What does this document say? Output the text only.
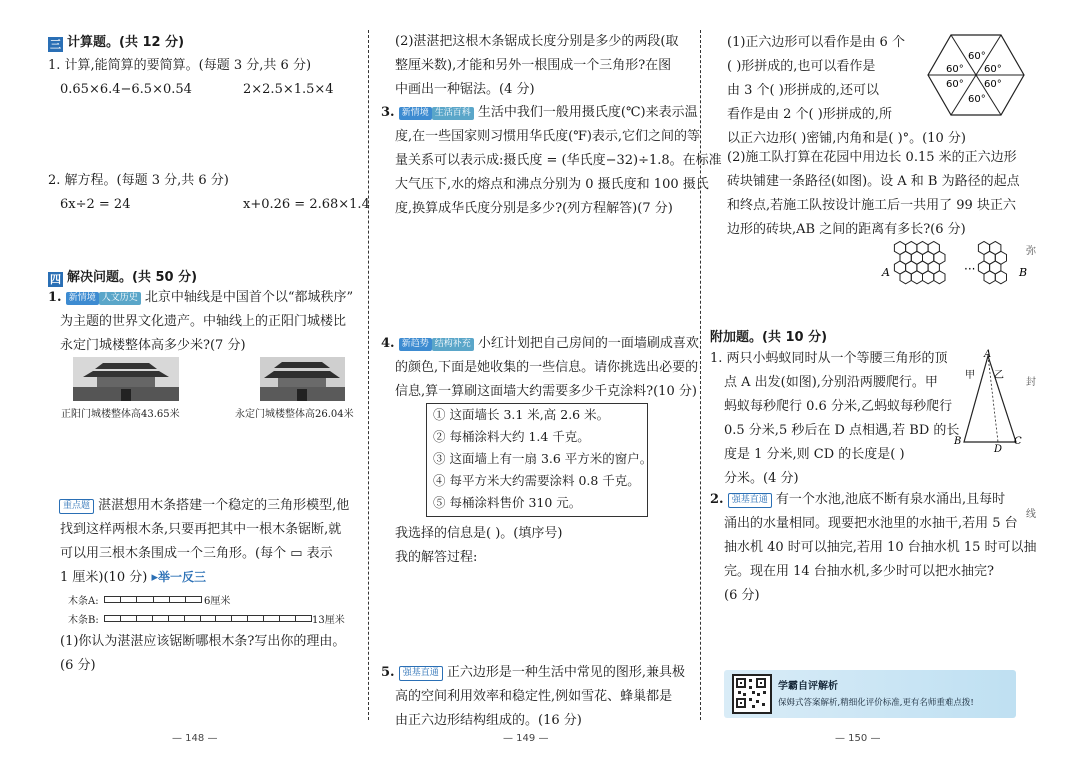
三 计算题。(共 12 分)
1. 计算,能简算的要简算。(每题 3 分,共 6 分)
0.65×6.4−6.5×0.54	2×2.5×1.5×4
2. 解方程。(每题 3 分,共 6 分)
6x÷2 = 24	x+0.26 = 2.68×1.4
四 解决问题。(共 50 分)
1. 新情境 人文历史 北京中轴线是中国首个以“都城秩序”
为主题的世界文化遗产。中轴线上的正阳门城楼比
永定门城楼整体高多少米?(7 分)
正阳门城楼整体高43.65米	永定门城楼整体高26.04米
重点题 湛湛想用木条搭建一个稳定的三角形模型,他
找到这样两根木条,只要再把其中一根木条锯断,就
可以用三根木条围成一个三角形。(每个 ▭ 表示
1 厘米)(10 分) ▸举一反三
木条A:	6厘米
木条B:	13厘米
(1)你认为湛湛应该锯断哪根木条?写出你的理由。
(6 分)
— 148 —
(2)湛湛把这根木条锯成长度分别是多少的两段(取
整厘米数),才能和另外一根围成一个三角形?在图
中画出一种锯法。(4 分)
3. 新情境 生活百科 生活中我们一般用摄氏度(℃)来表示温
度,在一些国家则习惯用华氏度(℉)表示,它们之间的等
量关系可以表示成:摄氏度 = (华氏度−32)÷1.8。在标准
大气压下,水的熔点和沸点分别为 0 摄氏度和 100 摄氏
度,换算成华氏度分别是多少?(列方程解答)(7 分)
4. 新趋势 结构补充 小红计划把自己房间的一面墙刷成喜欢
的颜色,下面是她收集的一些信息。请你挑选出必要的
信息,算一算刷这面墙大约需要多少千克涂料?(10 分)
① 这面墙长 3.1 米,高 2.6 米。
② 每桶涂料大约 1.4 千克。
③ 这面墙上有一扇 3.6 平方米的窗户。
④ 每平方米大约需要涂料 0.8 千克。
⑤ 每桶涂料售价 310 元。
我选择的信息是( )。(填序号)
我的解答过程:
5. 强基直通 正六边形是一种生活中常见的图形,兼具极
高的空间利用效率和稳定性,例如雪花、蜂巢都是
由正六边形结构组成的。(16 分)
— 149 —
(1)正六边形可以看作是由 6 个
( )形拼成的,也可以看作是
由 3 个( )形拼成的,还可以
看作是由 2 个( )形拼成的,所
以正六边形( )密铺,内角和是( )°。(10 分)
60°
60° 60°
60° 60°
60°
(2)施工队打算在花园中用边长 0.15 米的正六边形
砖块铺建一条路径(如图)。设 A 和 B 为路径的起点
和终点,若施工队按设计施工后一共用了 99 块正六
边形的砖块,AB 之间的距离有多长?(6 分)
A	···	B
附加题。(共 10 分)
1. 两只小蚂蚁同时从一个等腰三角形的顶
点 A 出发(如图),分别沿两腰爬行。甲
蚂蚁每秒爬行 0.6 分米,乙蚂蚁每秒爬行
0.5 分米,5 秒后在 D 点相遇,若 BD 的长
度是 1 分米,则 CD 的长度是( )
分米。(4 分)
A
甲 乙
B
D
C
2. 强基直通 有一个水池,池底不断有泉水涌出,且每时
涌出的水量相同。现要把水池里的水抽干,若用 5 台
抽水机 40 时可以抽完,若用 10 台抽水机 15 时可以抽
完。现在用 14 台抽水机,多少时可以把水抽完?
(6 分)
学霸自评解析
保姆式答案解析,精细化评价标准,更有名师重难点拨!
弥
封
线
— 150 —
